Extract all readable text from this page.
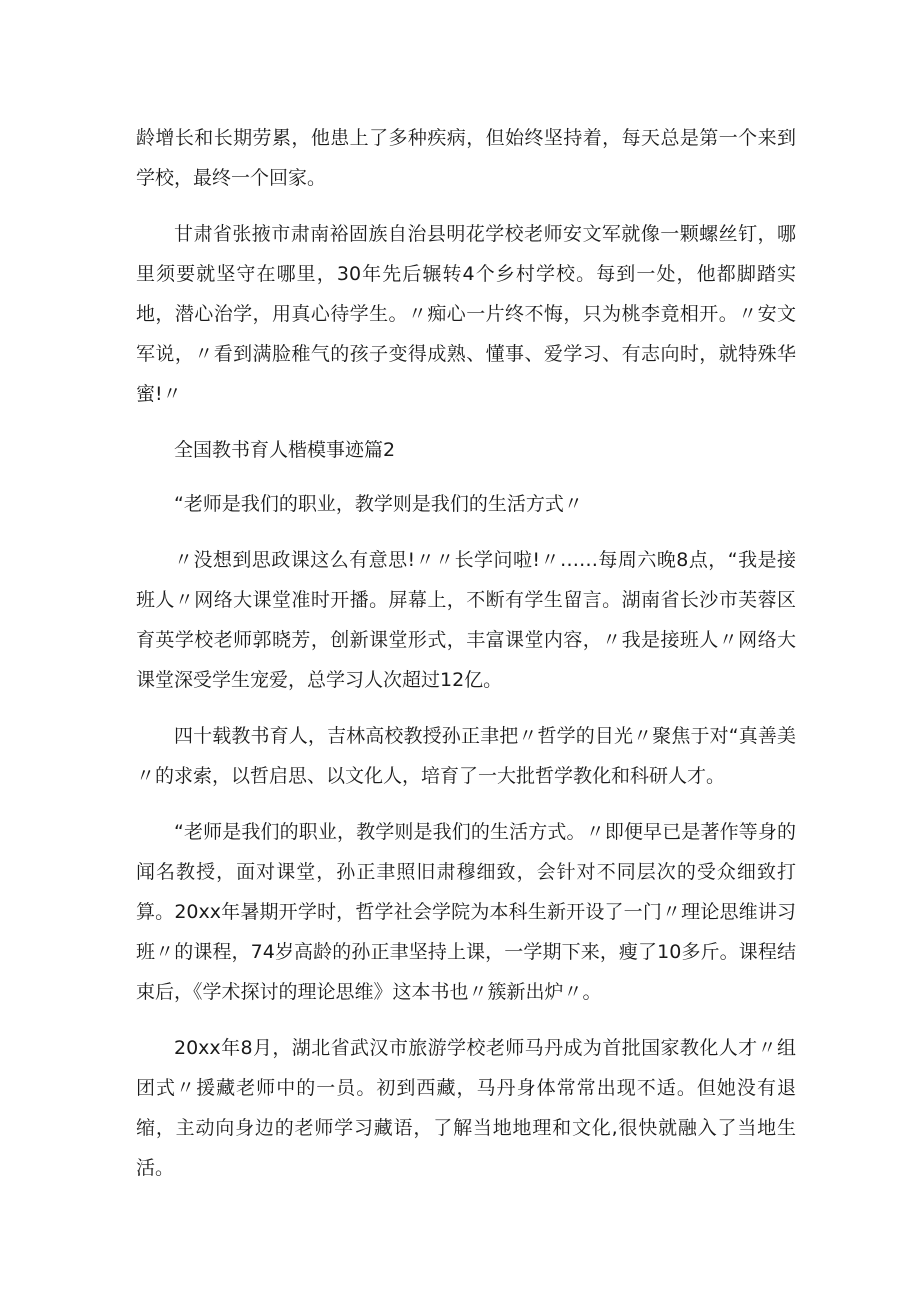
龄增长和长期劳累，他患上了多种疾病，但始终坚持着，每天总是第一个来到学校，最终一个回家。

甘肃省张掖市肃南裕固族自治县明花学校老师安文军就像一颗螺丝钉，哪里须要就坚守在哪里，30年先后辗转4个乡村学校。每到一处，他都脚踏实地，潜心治学，用真心待学生。〃痴心一片终不悔，只为桃李竟相开。〃安文军说，〃看到满脸稚气的孩子变得成熟、懂事、爱学习、有志向时，就特殊华蜜!〃

全国教书育人楷模事迹篇2

“老师是我们的职业，教学则是我们的生活方式〃

〃没想到思政课这么有意思!〃〃长学问啦!〃……每周六晚8点，“我是接班人〃网络大课堂准时开播。屏幕上，不断有学生留言。湖南省长沙市芙蓉区育英学校老师郭晓芳，创新课堂形式，丰富课堂内容，〃我是接班人〃网络大课堂深受学生宠爱，总学习人次超过12亿。

四十载教书育人，吉林高校教授孙正聿把〃哲学的目光〃聚焦于对“真善美〃的求索，以哲启思、以文化人，培育了一大批哲学教化和科研人才。

“老师是我们的职业，教学则是我们的生活方式。〃即便早已是著作等身的闻名教授，面对课堂，孙正聿照旧肃穆细致，会针对不同层次的受众细致打算。20xx年暑期开学时，哲学社会学院为本科生新开设了一门〃理论思维讲习班〃的课程，74岁高龄的孙正聿坚持上课，一学期下来，瘦了10多斤。课程结束后，《学术探讨的理论思维》这本书也〃簇新出炉〃。

20xx年8月，湖北省武汉市旅游学校老师马丹成为首批国家教化人才〃组团式〃援藏老师中的一员。初到西藏，马丹身体常常出现不适。但她没有退缩，主动向身边的老师学习藏语，了解当地地理和文化,很快就融入了当地生活。
